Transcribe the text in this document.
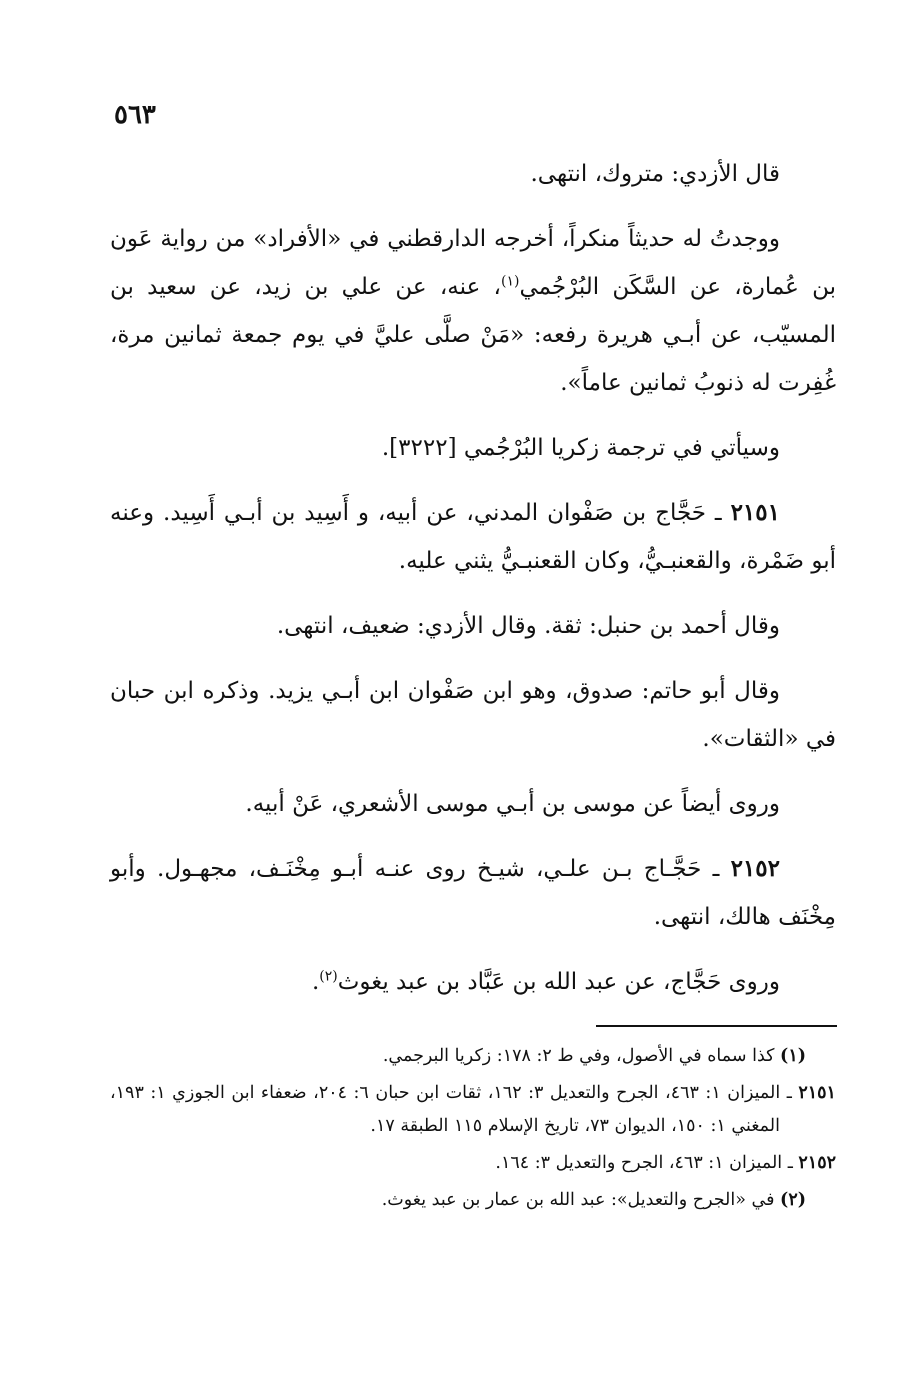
٥٦٣

قال الأزدي: متروك، انتهى.

ووجدتُ له حديثاً منكراً، أخرجه الدارقطني في «الأفراد» من رواية عَون بن عُمارة، عن السَّكَن البُرْجُمي$^{(١)}$، عنه، عن علي بن زيد، عن سعيد بن المسيّب، عن أبـي هريرة رفعه: «مَنْ صلَّى عليَّ في يوم جمعة ثمانين مرة، غُفِرت له ذنوبُ ثمانين عاماً».

وسيأتي في ترجمة زكريا البُرْجُمي [٣٢٢٢].

٢١٥١ ـ حَجَّاج بن صَفْوان المدني، عن أبيه، و أَسِيد بن أبـي أَسِيد. وعنه أبو ضَمْرة، والقعنبـيُّ، وكان القعنبـيُّ يثني عليه.

وقال أحمد بن حنبل: ثقة. وقال الأزدي: ضعيف، انتهى.

وقال أبو حاتم: صدوق، وهو ابن صَفْوان ابن أبـي يزيد. وذكره ابن حبان في «الثقات».

وروى أيضاً عن موسى بن أبـي موسى الأشعري، عَنْ أبيه.

٢١٥٢ ـ حَجَّـاج بـن علـي، شيـخ روى عنـه أبـو مِخْنَـف، مجهـول. وأبو مِخْنَف هالك، انتهى.

وروى حَجَّاج، عن عبد الله بن عَبَّاد بن عبد يغوث$^{(٢)}$.

(١) كذا سماه في الأصول، وفي ط ٢: ١٧٨: زكريا البرجمي.

٢١٥١ ـ الميزان ١: ٤٦٣، الجرح والتعديل ٣: ١٦٢، ثقات ابن حبان ٦: ٢٠٤، ضعفاء ابن الجوزي ١: ١٩٣، المغني ١: ١٥٠، الديوان ٧٣، تاريخ الإسلام ١١٥ الطبقة ١٧.

٢١٥٢ ـ الميزان ١: ٤٦٣، الجرح والتعديل ٣: ١٦٤.

(٢) في «الجرح والتعديل»: عبد الله بن عمار بن عبد يغوث.
